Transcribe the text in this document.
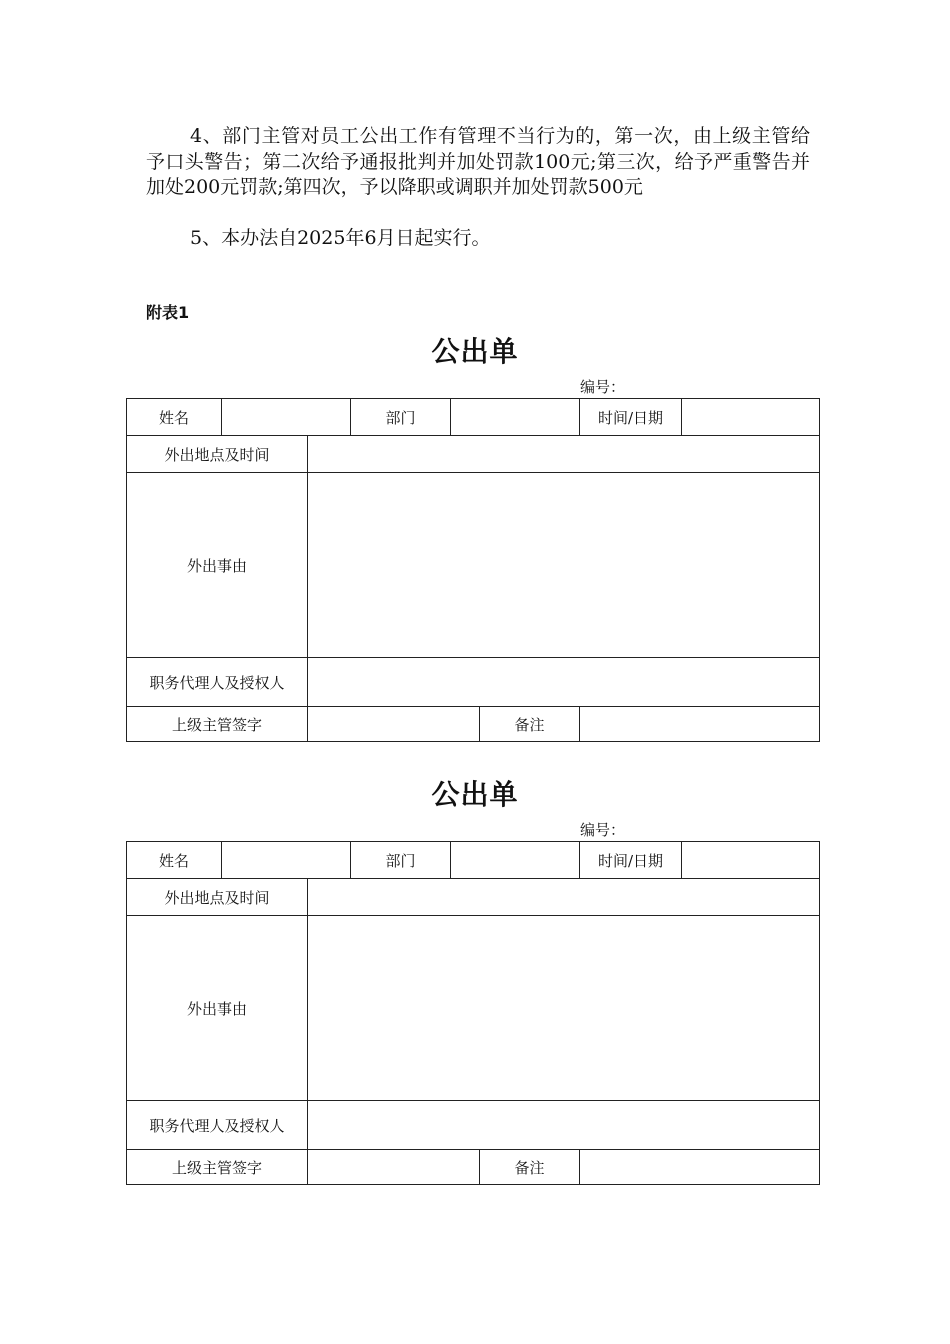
4、部门主管对员工公出工作有管理不当行为的，第一次，由上级主管给予口头警告；第二次给予通报批判并加处罚款100元;第三次，给予严重警告并加处200元罚款;第四次，予以降职或调职并加处罚款500元

5、本办法自2025年6月日起实行。

附表1
公出单
编号：
姓名			部门			时间/日期	
外出地点及时间							
外出事由							
职务代理人及授权人							
上级主管签字					备注		
公出单
编号：
姓名			部门			时间/日期	
外出地点及时间							
外出事由							
职务代理人及授权人							
上级主管签字					备注		
